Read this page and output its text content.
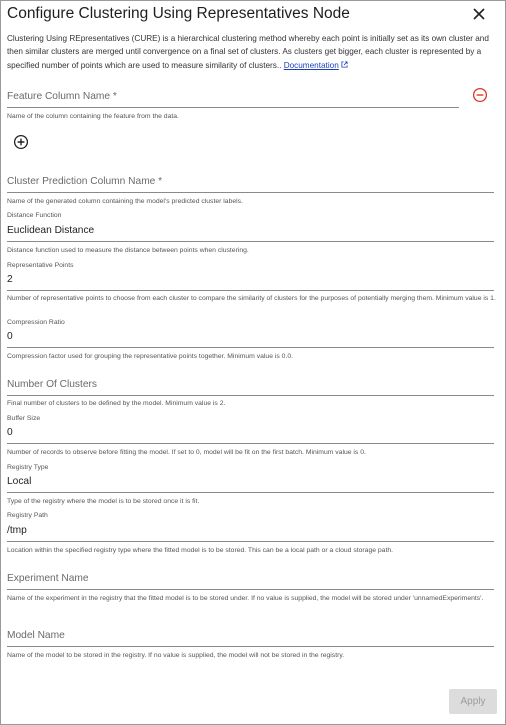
Configure Clustering Using Representatives Node
Clustering Using REpresentatives (CURE) is a hierarchical clustering method whereby each point is initially set as its own cluster and then similar clusters are merged until convergence on a final set of clusters. As clusters get bigger, each cluster is represented by a specified number of points which are used to measure similarity of clusters.. Documentation
Feature Column Name *
Name of the column containing the feature from the data.
Cluster Prediction Column Name *
Name of the generated column containing the model's predicted cluster labels.
Distance Function
Euclidean Distance
Distance function used to measure the distance between points when clustering.
Representative Points
2
Number of representative points to choose from each cluster to compare the similarity of clusters for the purposes of potentially merging them. Minimum value is 1.
Compression Ratio
0
Compression factor used for grouping the representative points together. Minimum value is 0.0.
Number Of Clusters
Final number of clusters to be defined by the model. Minimum value is 2.
Buffer Size
0
Number of records to observe before fitting the model. If set to 0, model will be fit on the first batch. Minimum value is 0.
Registry Type
Local
Type of the registry where the model is to be stored once it is fit.
Registry Path
/tmp
Location within the specified registry type where the fitted model is to be stored. This can be a local path or a cloud storage path.
Experiment Name
Name of the experiment in the registry that the fitted model is to be stored under. If no value is supplied, the model will be stored under 'unnamedExperiments'.
Model Name
Name of the model to be stored in the registry. If no value is supplied, the model will not be stored in the registry.
Apply
